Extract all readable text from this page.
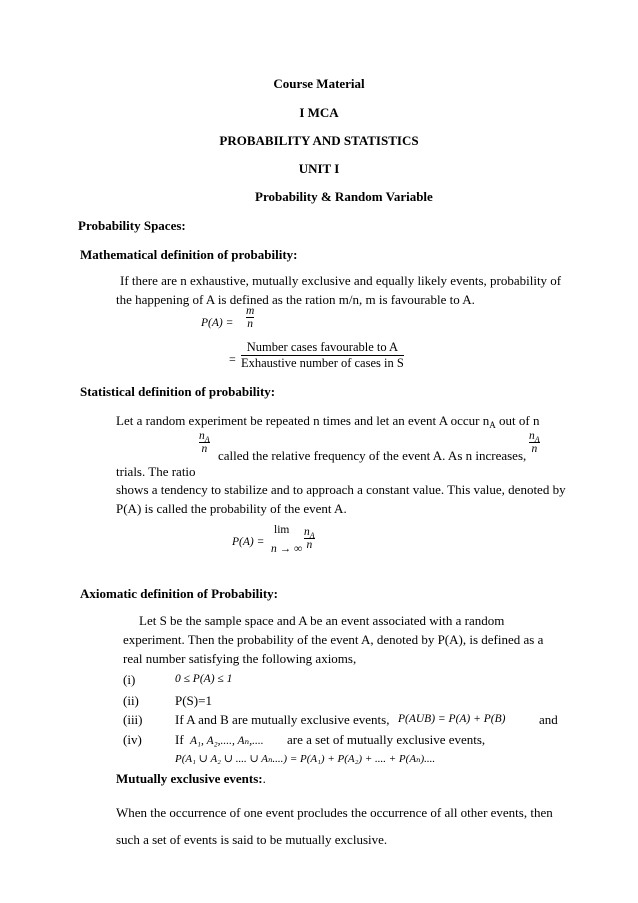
Course Material
I MCA
PROBABILITY AND STATISTICS
UNIT I
Probability & Random Variable
Probability Spaces:
Mathematical definition of probability:
If there are n exhaustive, mutually exclusive and equally likely events, probability of
the happening of A is defined as the ration m/n, m is favourable to A.
P(A) =
m
n
=
Number cases favourable to A
Exhaustive number of cases in S
Statistical definition of probability:
Let a random experiment be repeated n times and let an event A occur $n_A$ out of n
$n_A$
n called the relative frequency of the event A. As n increases,
$n_A$
n
trials. The ratio
shows a tendency to stabilize and to approach a constant value. This value, denoted by
P(A) is called the probability of the event A.
P(A) =
lim
n → ∞
$n_A$
n
Axiomatic definition of Probability:
Let S be the sample space and A be an event associated with a random
experiment. Then the probability of the event A, denoted by P(A), is defined as a
real number satisfying the following axioms,
(i)	0 ≤ P(A) ≤ 1
(ii)	P(S)=1
(iii)	If A and B are mutually exclusive events, P(AUB) = P(A) + P(B)	and
(iv)	If A₁, A₂,...., Aₙ,.... are a set of mutually exclusive events,
P(A₁ ∪ A₂ ∪ .... ∪ Aₙ....) = P(A₁) + P(A₂) + .... + P(Aₙ)....
Mutually exclusive events:.
When the occurrence of one event procludes the occurrence of all other events, then
such a set of events is said to be mutually exclusive.
